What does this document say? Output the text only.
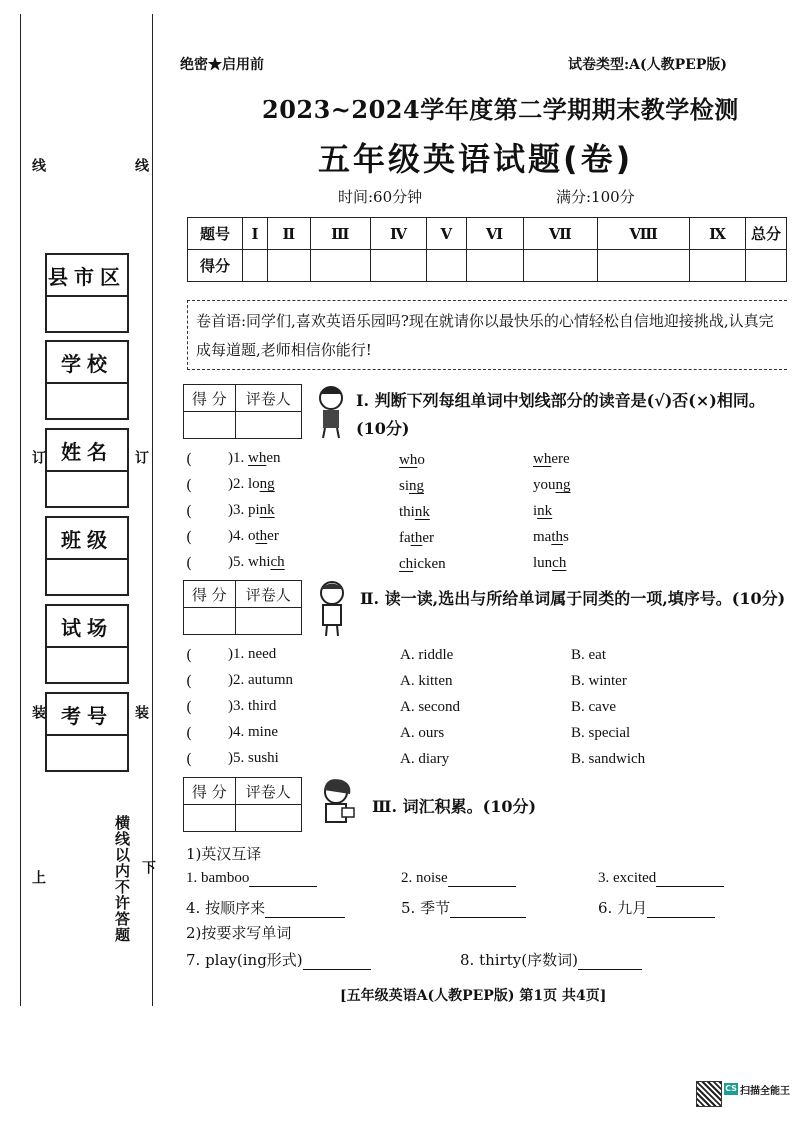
线	线
订	订
装	装
上
下
横线以内不许答题
县市区
学校
姓名
班级
试场
考号
绝密★启用前	试卷类型:A(人教PEP版)
2023~2024学年度第二学期期末教学检测
五年级英语试题(卷)
时间:60分钟	满分:100分
题号	Ⅰ	Ⅱ	Ⅲ	Ⅳ	Ⅴ	Ⅵ	Ⅶ	Ⅷ	Ⅸ	总分
得分										
卷首语:同学们,喜欢英语乐园吗?现在就请你以最快乐的心情轻松自信地迎接挑战,认真完成每道题,老师相信你能行!
得 分	评卷人
		Ⅰ. 判断下列每组单词中划线部分的读音是(√)否(×)相同。(10分)
( )1. when	who	where
( )2. long	sing	young
( )3. pink	think	ink
( )4. other	father	maths
( )5. which	chicken	lunch
得 分	评卷人
		Ⅱ. 读一读,选出与所给单词属于同类的一项,填序号。(10分)
( )1. need	A. riddle	B. eat
( )2. autumn	A. kitten	B. winter
( )3. third	A. second	B. cave
( )4. mine	A. ours	B. special
( )5. sushi	A. diary	B. sandwich
得 分	评卷人

Ⅲ. 词汇积累。(10分)
1)英汉互译
1. bamboo	2. noise	3. excited
4. 按顺序来	5. 季节	6. 九月
2)按要求写单词
7. play(ing形式)	8. thirty(序数词)
[五年级英语A(人教PEP版) 第1页 共4页]
CS 扫描全能王
